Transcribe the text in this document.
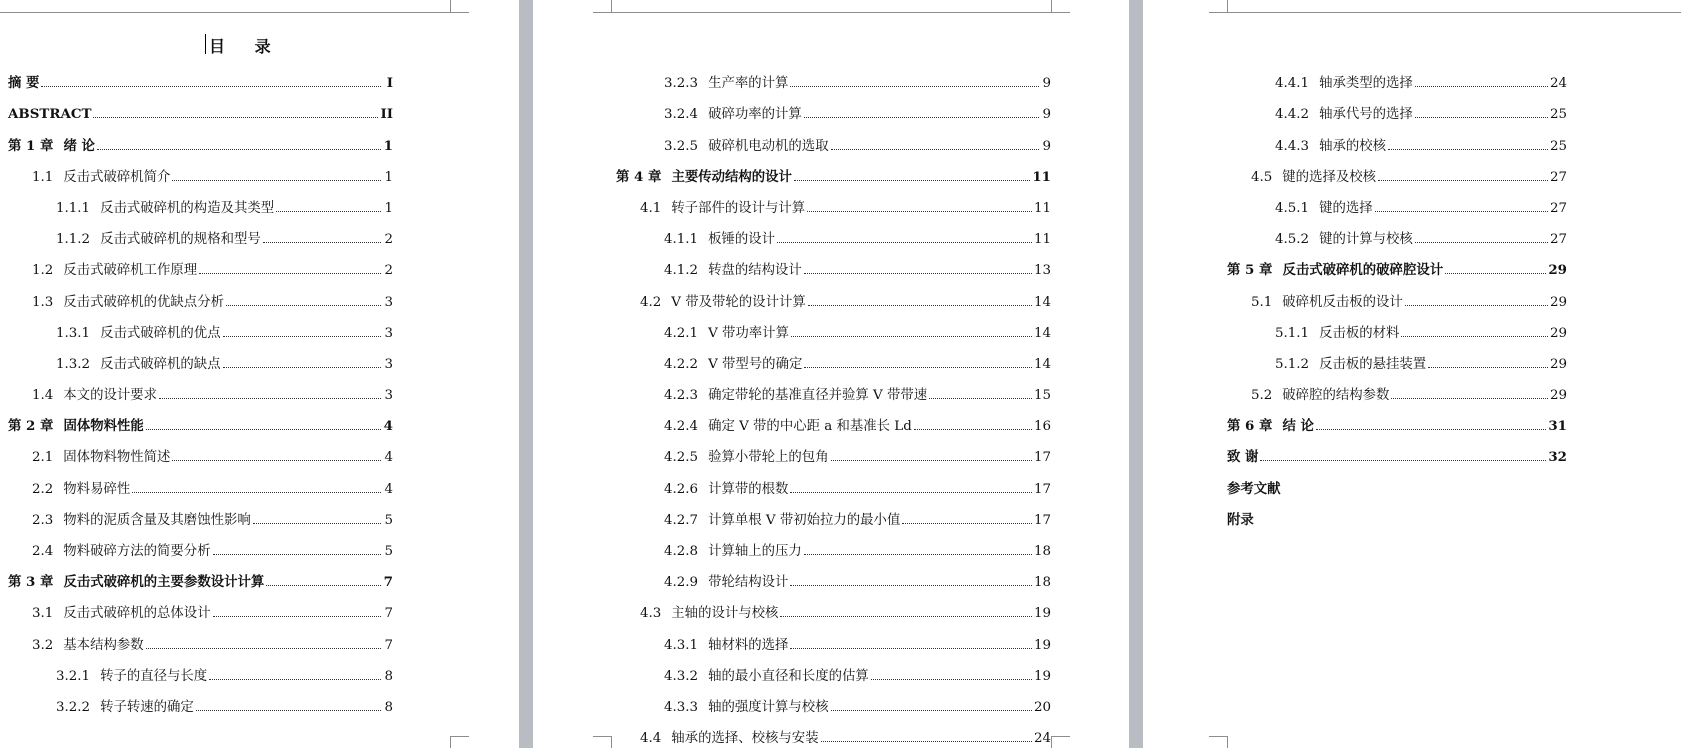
目 录
摘 要	I
ABSTRACT	II
第 1 章 绪 论	1
1.1 反击式破碎机简介	1
1.1.1 反击式破碎机的构造及其类型	1
1.1.2 反击式破碎机的规格和型号	2
1.2 反击式破碎机工作原理	2
1.3 反击式破碎机的优缺点分析	3
1.3.1 反击式破碎机的优点	3
1.3.2 反击式破碎机的缺点	3
1.4 本文的设计要求	3
第 2 章 固体物料性能	4
2.1 固体物料物性简述	4
2.2 物料易碎性	4
2.3 物料的泥质含量及其磨蚀性影响	5
2.4 物料破碎方法的简要分析	5
第 3 章 反击式破碎机的主要参数设计计算	7
3.1 反击式破碎机的总体设计	7
3.2 基本结构参数	7
3.2.1 转子的直径与长度	8
3.2.2 转子转速的确定	8
3.2.3 生产率的计算	9
3.2.4 破碎功率的计算	9
3.2.5 破碎机电动机的选取	9
第 4 章 主要传动结构的设计	11
4.1 转子部件的设计与计算	11
4.1.1 板锤的设计	11
4.1.2 转盘的结构设计	13
4.2 V 带及带轮的设计计算	14
4.2.1 V 带功率计算	14
4.2.2 V 带型号的确定	14
4.2.3 确定带轮的基准直径并验算 V 带带速	15
4.2.4 确定 V 带的中心距 a 和基准长 Ld	16
4.2.5 验算小带轮上的包角	17
4.2.6 计算带的根数	17
4.2.7 计算单根 V 带初始拉力的最小值	17
4.2.8 计算轴上的压力	18
4.2.9 带轮结构设计	18
4.3 主轴的设计与校核	19
4.3.1 轴材料的选择	19
4.3.2 轴的最小直径和长度的估算	19
4.3.3 轴的强度计算与校核	20
4.4 轴承的选择、校核与安装	24
4.4.1 轴承类型的选择	24
4.4.2 轴承代号的选择	25
4.4.3 轴承的校核	25
4.5 键的选择及校核	27
4.5.1 键的选择	27
4.5.2 键的计算与校核	27
第 5 章 反击式破碎机的破碎腔设计	29
5.1 破碎机反击板的设计	29
5.1.1 反击板的材料	29
5.1.2 反击板的悬挂装置	29
5.2 破碎腔的结构参数	29
第 6 章 结 论	31
致 谢	32
参考文献
附录
